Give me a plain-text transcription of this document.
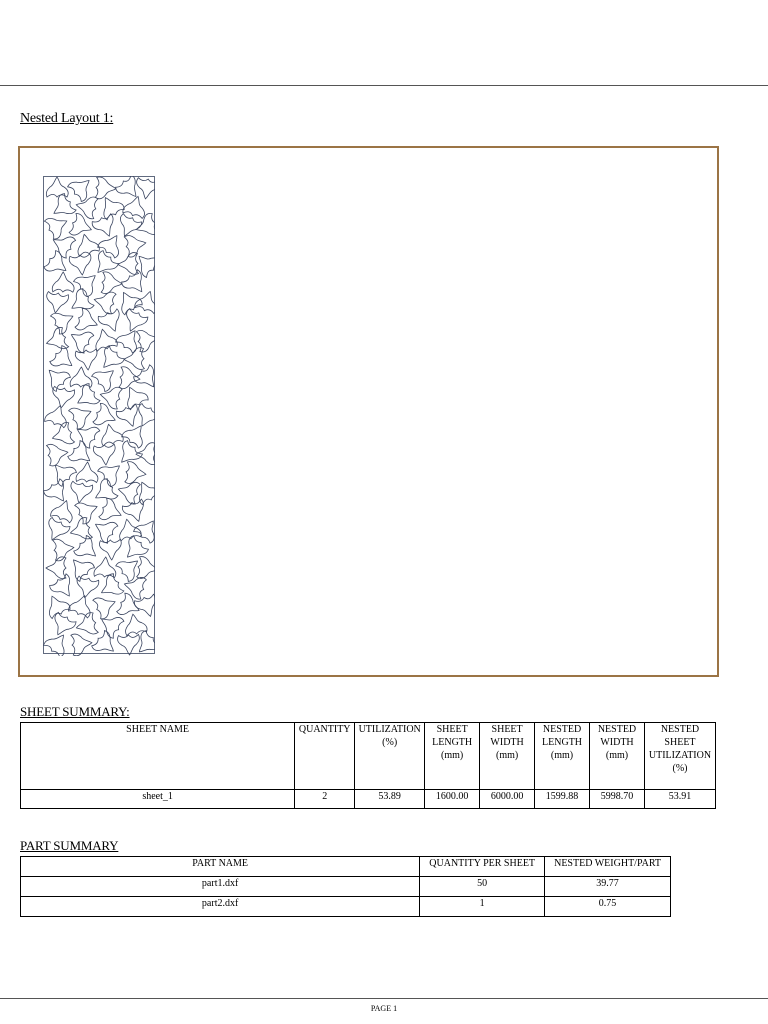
Nested Layout 1:
SHEET SUMMARY:
SHEET NAME	QUANTITY	UTILIZATION (%)	SHEET LENGTH (mm)	SHEET WIDTH (mm)	NESTED LENGTH (mm)	NESTED WIDTH (mm)	NESTED SHEET UTILIZATION (%)
sheet_1	2	53.89	1600.00	6000.00	1599.88	5998.70	53.91
PART SUMMARY
PART NAME	QUANTITY PER SHEET	NESTED WEIGHT/PART
part1.dxf	50	39.77
part2.dxf	1	0.75
PAGE 1
